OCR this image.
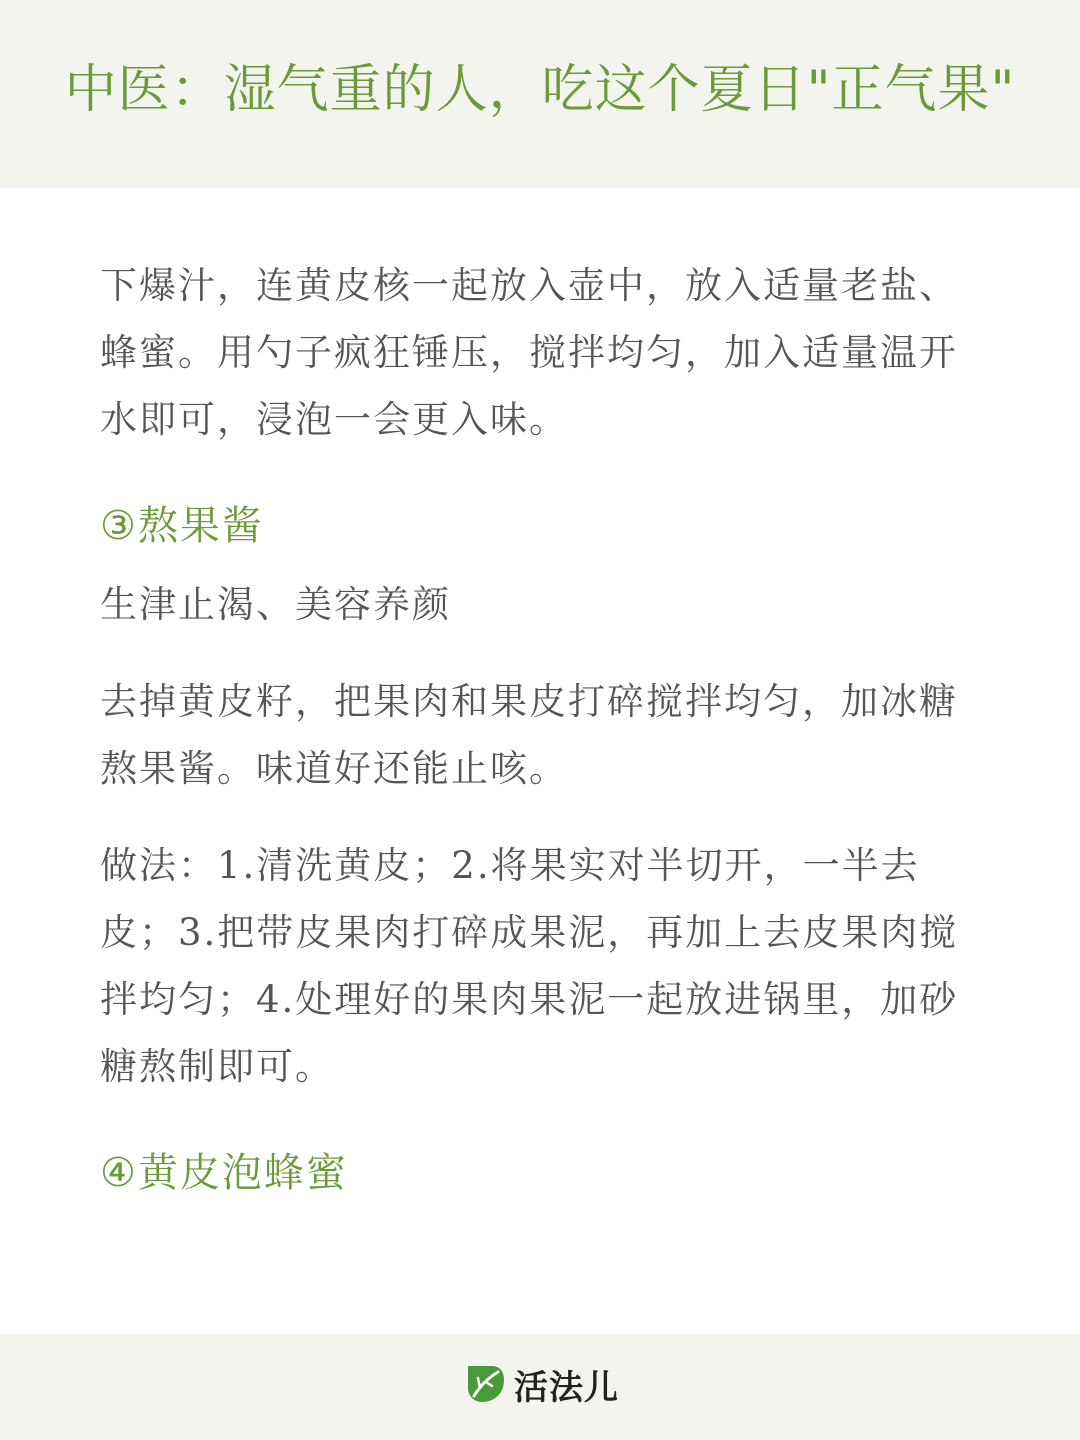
中医：湿气重的人，吃这个夏日"正气果"

下爆汁，连黄皮核一起放入壶中，放入适量老盐、蜂蜜。用勺子疯狂锤压，搅拌均匀，加入适量温开水即可，浸泡一会更入味。

③熬果酱

生津止渴、美容养颜

去掉黄皮籽，把果肉和果皮打碎搅拌均匀，加冰糖熬果酱。味道好还能止咳。

做法：1.清洗黄皮；2.将果实对半切开，一半去皮；3.把带皮果肉打碎成果泥，再加上去皮果肉搅拌均匀；4.处理好的果肉果泥一起放进锅里，加砂糖熬制即可。

④黄皮泡蜂蜜

活法儿
